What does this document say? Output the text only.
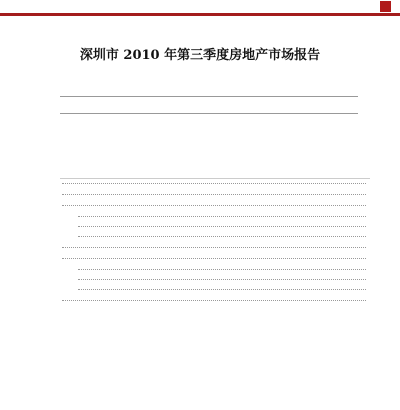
深圳市 2010 年第三季度房地产市场报告
